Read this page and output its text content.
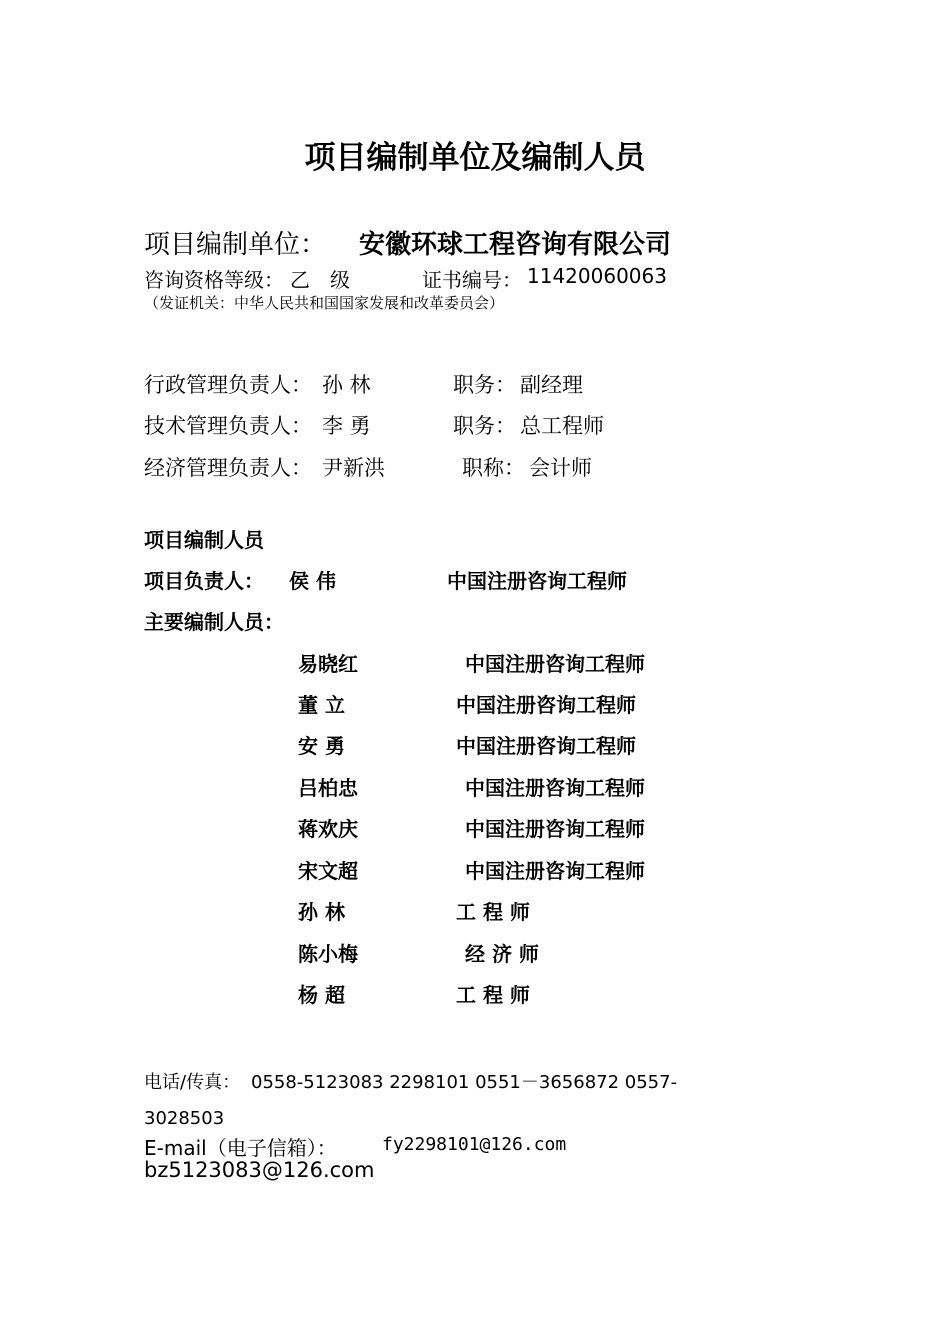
项目编制单位及编制人员
项目编制单位： 安徽环球工程咨询有限公司
咨询资格等级： 乙　级	证书编号： 11420060063
（发证机关：中华人民共和国国家发展和改革委员会）
行政管理负责人： 孙 林	职务： 副经理
技术管理负责人： 李 勇	职务： 总工程师
经济管理负责人： 尹新洪	职称： 会计师
项目编制人员
项目负责人： 侯 伟	中国注册咨询工程师
主要编制人员：
易晓红	中国注册咨询工程师
董 立	中国注册咨询工程师
安 勇	中国注册咨询工程师
吕柏忠	中国注册咨询工程师
蒋欢庆	中国注册咨询工程师
宋文超	中国注册咨询工程师
孙 林	工 程 师
陈小梅	经 济 师
杨 超	工 程 师
电话/传真： 0558-5123083 2298101 0551－3656872 0557-
3028503
E-mail（电子信箱）：	fy2298101@126.com
bz5123083@126.com
